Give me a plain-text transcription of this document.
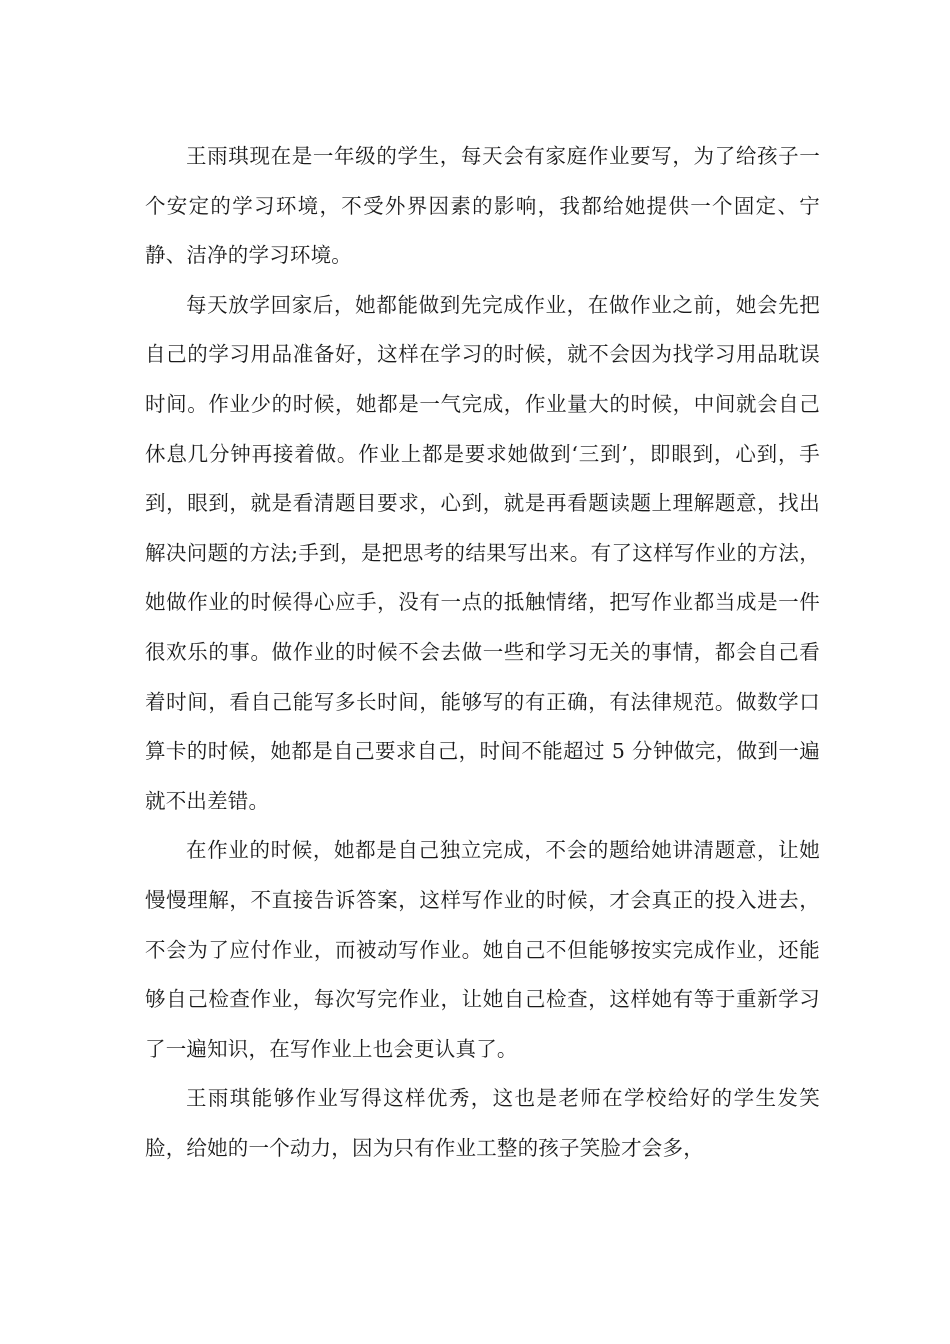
王雨琪现在是一年级的学生，每天会有家庭作业要写，为了给孩子一个安定的学习环境，不受外界因素的影响，我都给她提供一个固定、宁静、洁净的学习环境。

每天放学回家后，她都能做到先完成作业，在做作业之前，她会先把自己的学习用品准备好，这样在学习的时候，就不会因为找学习用品耽误时间。作业少的时候，她都是一气完成，作业量大的时候，中间就会自己休息几分钟再接着做。作业上都是要求她做到‘三到’，即眼到，心到，手到，眼到，就是看清题目要求，心到，就是再看题读题上理解题意，找出解决问题的方法;手到，是把思考的结果写出来。有了这样写作业的方法，她做作业的时候得心应手，没有一点的抵触情绪，把写作业都当成是一件很欢乐的事。做作业的时候不会去做一些和学习无关的事情，都会自己看着时间，看自己能写多长时间，能够写的有正确，有法律规范。做数学口算卡的时候，她都是自己要求自己，时间不能超过 5 分钟做完，做到一遍就不出差错。

在作业的时候，她都是自己独立完成，不会的题给她讲清题意，让她慢慢理解，不直接告诉答案，这样写作业的时候，才会真正的投入进去，不会为了应付作业，而被动写作业。她自己不但能够按实完成作业，还能够自己检查作业，每次写完作业，让她自己检查，这样她有等于重新学习了一遍知识，在写作业上也会更认真了。

王雨琪能够作业写得这样优秀，这也是老师在学校给好的学生发笑脸，给她的一个动力，因为只有作业工整的孩子笑脸才会多，
